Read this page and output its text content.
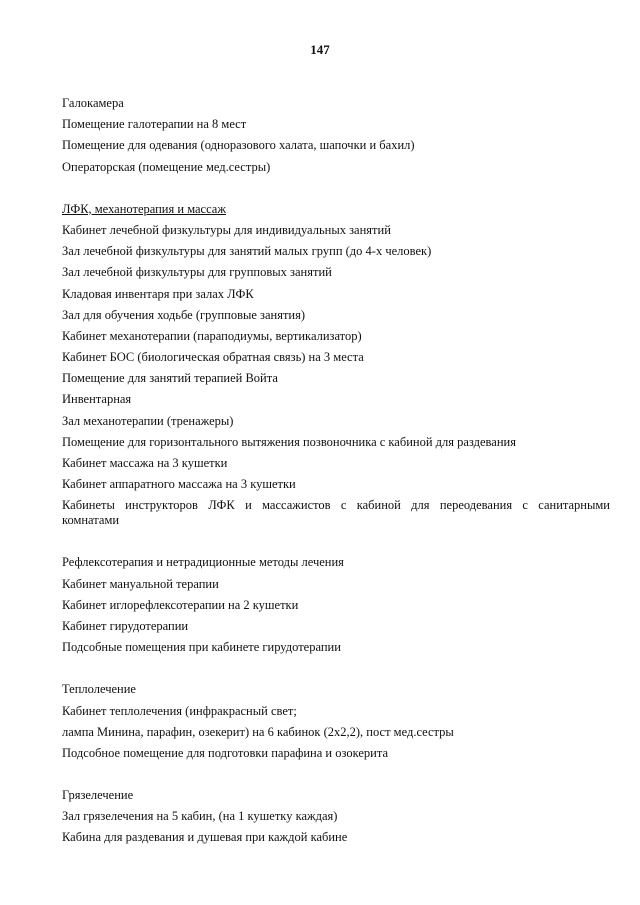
147
Галокамера
Помещение галотерапии на 8 мест
Помещение для одевания (одноразового халата, шапочки и бахил)
Операторская (помещение мед.сестры)
ЛФК, механотерапия и массаж
Кабинет лечебной физкультуры для индивидуальных занятий
Зал лечебной физкультуры для занятий малых групп (до 4-х человек)
Зал лечебной физкультуры для групповых занятий
Кладовая инвентаря при залах ЛФК
Зал для обучения ходьбе (групповые занятия)
Кабинет механотерапии (параподиумы, вертикализатор)
Кабинет БОС (биологическая обратная связь) на 3 места
Помещение для занятий терапией Войта
Инвентарная
Зал механотерапии (тренажеры)
Помещение для горизонтального вытяжения позвоночника с кабиной для раздевания
Кабинет массажа на 3 кушетки
Кабинет аппаратного массажа на 3 кушетки
Кабинеты инструкторов ЛФК и массажистов с кабиной для переодевания с санитарными
комнатами
Рефлексотерапия и нетрадиционные методы лечения
Кабинет мануальной терапии
Кабинет иглорефлексотерапии на 2 кушетки
Кабинет гирудотерапии
Подсобные помещения при кабинете гирудотерапии
Теплолечение
Кабинет теплолечения (инфракрасный свет;
лампа Минина, парафин, озекерит) на 6 кабинок (2х2,2), пост мед.сестры
Подсобное помещение для подготовки парафина и озокерита
Грязелечение
Зал грязелечения на 5 кабин, (на 1 кушетку каждая)
Кабина для раздевания и душевая при каждой кабине
